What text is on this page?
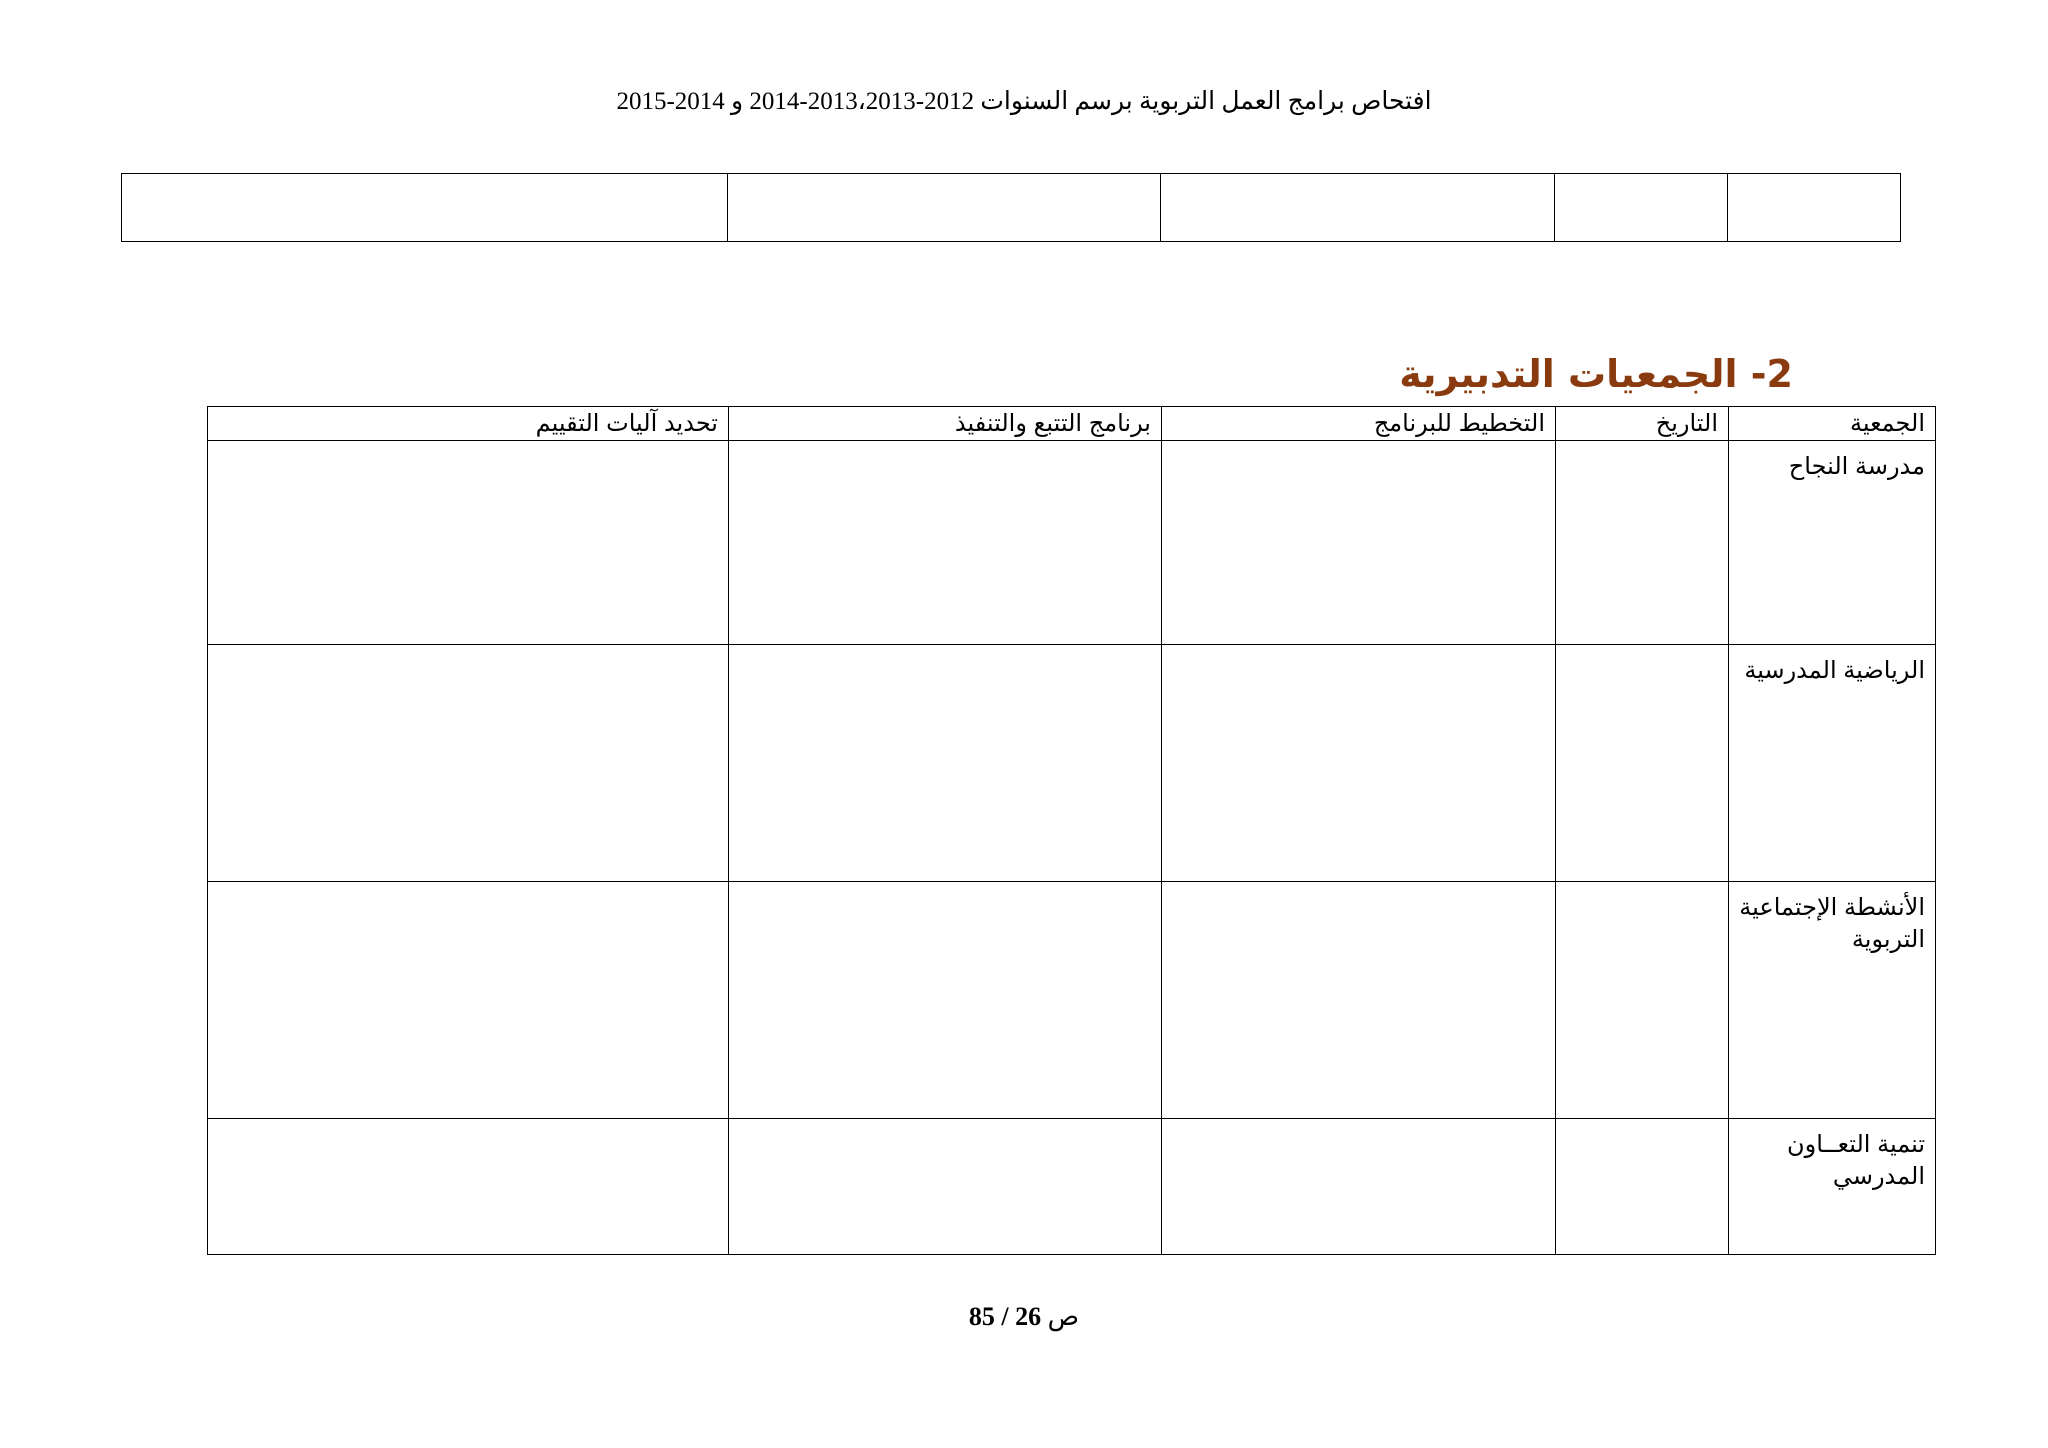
افتحاص برامج العمل التربوية برسم السنوات 2012-2013،2013-2014 و 2014-2015

2- الجمعيات التدبيرية
الجمعية	التاريخ	التخطيط للبرنامج	برنامج التتبع والتنفيذ	تحديد آليات التقييم
مدرسة النجاح				
الرياضية المدرسية				
الأنشطة الإجتماعية التربوية				
تنمية التعــاون المدرسي				
ص 26 / 85
